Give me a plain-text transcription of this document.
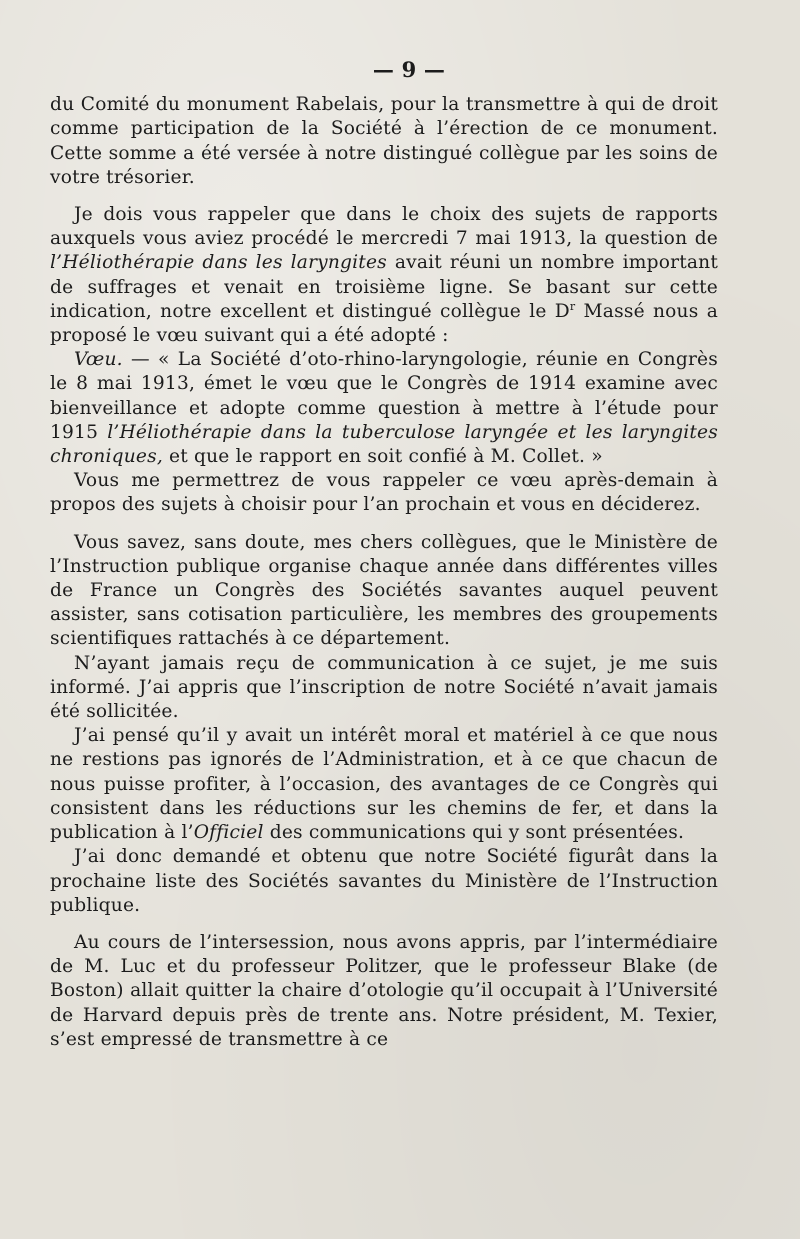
— 9 —

du Comité du monument Rabelais, pour la transmettre à qui de droit comme participation de la Société à l’érection de ce monument. Cette somme a été versée à notre distingué collègue par les soins de votre trésorier.

Je dois vous rappeler que dans le choix des sujets de rapports auxquels vous aviez procédé le mercredi 7 mai 1913, la question de l’Héliothérapie dans les laryngites avait réuni un nombre important de suffrages et venait en troisième ligne. Se basant sur cette indication, notre excellent et distingué collègue le $D^r$ Massé nous a proposé le vœu suivant qui a été adopté :

Vœu. — « La Société d’oto-rhino-laryngologie, réunie en Congrès le 8 mai 1913, émet le vœu que le Congrès de 1914 examine avec bienveillance et adopte comme question à mettre à l’étude pour 1915 l’Héliothérapie dans la tuberculose laryngée et les laryngites chroniques, et que le rapport en soit confié à M. Collet. »

Vous me permettrez de vous rappeler ce vœu après-demain à propos des sujets à choisir pour l’an prochain et vous en déciderez.

Vous savez, sans doute, mes chers collègues, que le Ministère de l’Instruction publique organise chaque année dans différentes villes de France un Congrès des Sociétés savantes auquel peuvent assister, sans cotisation particulière, les membres des groupements scientifiques rattachés à ce département.

N’ayant jamais reçu de communication à ce sujet, je me suis informé. J’ai appris que l’inscription de notre Société n’avait jamais été sollicitée.

J’ai pensé qu’il y avait un intérêt moral et matériel à ce que nous ne restions pas ignorés de l’Administration, et à ce que chacun de nous puisse profiter, à l’occasion, des avantages de ce Congrès qui consistent dans les réductions sur les chemins de fer, et dans la publication à l’Officiel des communications qui y sont présentées.

J’ai donc demandé et obtenu que notre Société figurât dans la prochaine liste des Sociétés savantes du Ministère de l’Instruction publique.

Au cours de l’intersession, nous avons appris, par l’intermédiaire de M. Luc et du professeur Politzer, que le professeur Blake (de Boston) allait quitter la chaire d’otologie qu’il occupait à l’Université de Harvard depuis près de trente ans. Notre président, M. Texier, s’est empressé de transmettre à ce
